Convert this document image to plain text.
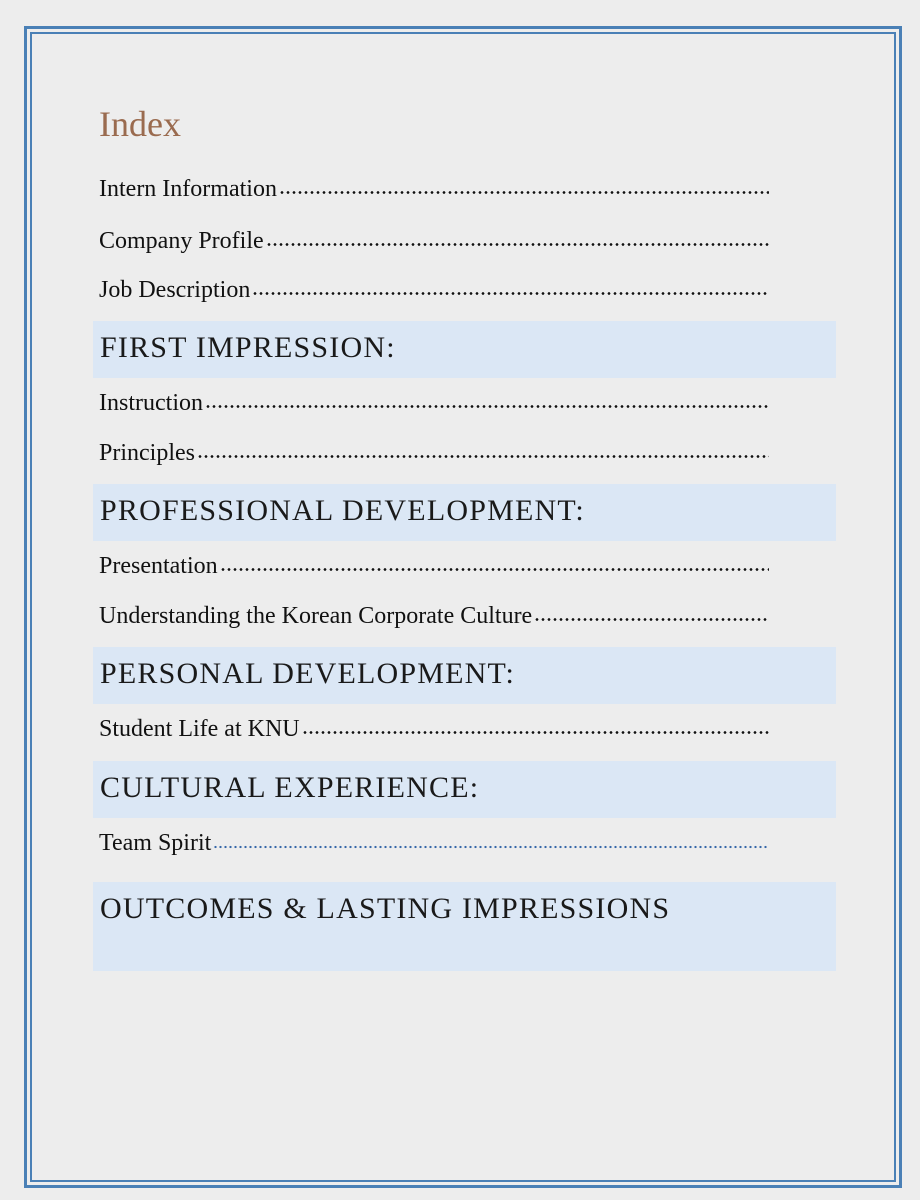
Index
Intern Information
Company Profile
Job Description
FIRST IMPRESSION:
Instruction
Principles
PROFESSIONAL DEVELOPMENT:
Presentation
Understanding the Korean Corporate Culture
PERSONAL DEVELOPMENT:
Student Life at KNU
CULTURAL EXPERIENCE:
Team Spirit
OUTCOMES & LASTING IMPRESSIONS
